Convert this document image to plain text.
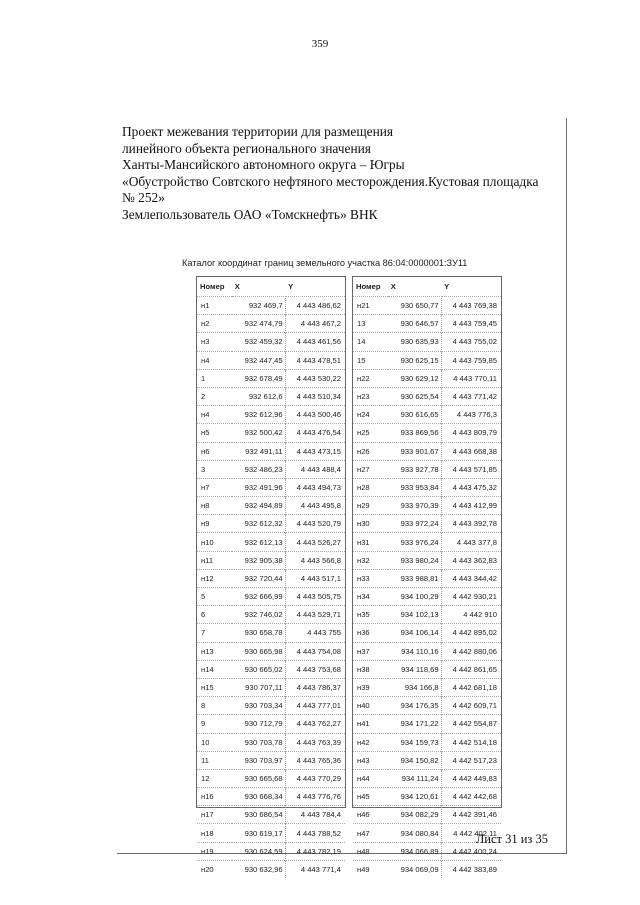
359
Проект межевания территории для размещения
линейного объекта регионального значения
Ханты-Мансийского автономного округа – Югры
«Обустройство Совтского нефтяного месторождения.Кустовая площадка № 252»
Землепользователь ОАО «Томскнефть» ВНК
Каталог координат границ земельного участка 86:04:0000001:ЗУ11
Номер	X	Y
н1	932 469,7	4 443 486,62
н2	932 474,79	4 443 467,2
н3	932 459,32	4 443 461,56
н4	932 447,45	4 443 478,51
1	932 678,49	4 443 530,22
2	932 612,6	4 443 510,34
н4	932 612,96	4 443 500,46
н5	932 500,42	4 443 476,54
н6	932 491,11	4 443 473,15
3	932 486,23	4 443 488,4
н7	932 491,96	4 443 494,73
н8	932 494,89	4 443 495,8
н9	932 612,32	4 443 520,79
н10	932 612,13	4 443 526,27
н11	932 905,38	4 443 566,8
н12	932 720,44	4 443 517,1
5	932 666,99	4 443 505,75
6	932 746,02	4 443 529,71
7	930 658,78	4 443 755
н13	930 665,98	4 443 754,08
н14	930 665,02	4 443 753,68
н15	930 707,11	4 443 786,37
8	930 703,34	4 443 777,01
9	930 712,79	4 443 762,27
10	930 703,78	4 443 763,39
11	930 703,97	4 443 765,36
12	930 665,68	4 443 770,29
н16	930 668,34	4 443 776,76
н17	930 686,54	4 443 784,4
н18	930 619,17	4 443 788,52
н19	930 624,59	4 443 782,19
н20	930 632,96	4 443 771,4
Номер	X	Y
н21	930 650,77	4 443 769,38
13	930 646,57	4 443 759,45
14	930 635,93	4 443 755,02
15	930 625,15	4 443 759,85
н22	930 629,12	4 443 770,11
н23	930 625,54	4 443 771,42
н24	930 616,65	4 443 776,3
н25	933 869,56	4 443 809,79
н26	933 901,67	4 443 668,38
н27	933 927,78	4 443 571,85
н28	933 953,84	4 443 475,32
н29	933 970,39	4 443 412,99
н30	933 972,24	4 443 392,78
н31	933 976,24	4 443 377,8
н32	933 980,24	4 443 362,83
н33	933 988,81	4 443 344,42
н34	934 100,29	4 442 930,21
н35	934 102,13	4 442 910
н36	934 106,14	4 442 895,02
н37	934 110,16	4 442 880,06
н38	934 118,69	4 442 861,65
н39	934 166,8	4 442 681,18
н40	934 176,35	4 442 609,71
н41	934 171,22	4 442 554,87
н42	934 159,73	4 442 514,18
н43	934 150,82	4 442 517,23
н44	934 111,24	4 442 449,83
н45	934 120,61	4 442 442,68
н46	934 082,29	4 442 391,46
н47	934 080,84	4 442 402,11
н48	934 066,89	4 442 400,24
н49	934 069,09	4 442 383,89
Лист 31 из 35
